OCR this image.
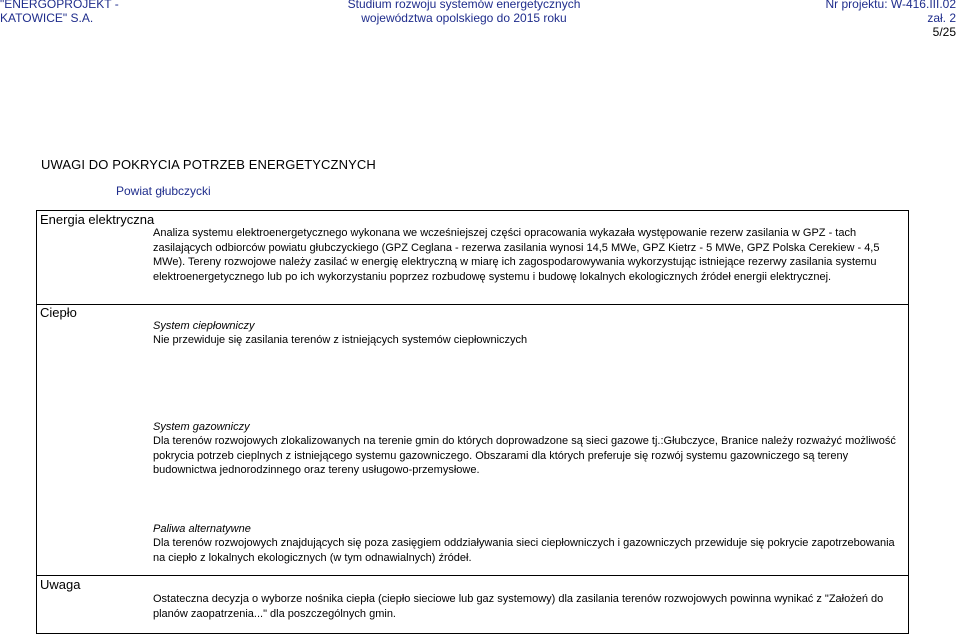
"ENERGOPROJEKT -
KATOWICE" S.A.
Studium rozwoju systemów energetycznych
województwa opolskiego do 2015 roku
Nr projektu: W-416.III.02
zał. 2
5/25
UWAGI DO POKRYCIA POTRZEB ENERGETYCZNYCH
Powiat głubczycki
Energia elektryczna
Analiza systemu elektroenergetycznego wykonana we wcześniejszej części opracowania wykazała występowanie rezerw zasilania w GPZ - tach zasilających odbiorców powiatu głubczyckiego (GPZ Ceglana - rezerwa zasilania wynosi 14,5 MWe, GPZ Kietrz - 5 MWe, GPZ Polska Cerekiew - 4,5 MWe). Tereny rozwojowe należy zasilać w energię elektryczną w miarę ich zagospodarowywania wykorzystując istniejące rezerwy zasilania systemu elektroenergetycznego lub po ich wykorzystaniu poprzez rozbudowę systemu i budowę lokalnych ekologicznych źródeł energii elektrycznej.
Ciepło
System ciepłowniczy
Nie przewiduje się zasilania terenów z istniejących systemów ciepłowniczych
System gazowniczy
Dla terenów rozwojowych zlokalizowanych na terenie gmin do których doprowadzone są sieci gazowe tj.:Głubczyce, Branice należy rozważyć możliwość pokrycia potrzeb cieplnych z istniejącego systemu gazowniczego. Obszarami dla których preferuje się rozwój systemu gazowniczego są tereny budownictwa jednorodzinnego oraz tereny usługowo-przemysłowe.
Paliwa alternatywne
Dla terenów rozwojowych znajdujących się poza zasięgiem oddziaływania sieci ciepłowniczych i gazowniczych przewiduje się pokrycie zapotrzebowania na ciepło z lokalnych ekologicznych (w tym odnawialnych) źródeł.
Uwaga
Ostateczna decyzja o wyborze nośnika ciepła (ciepło sieciowe lub gaz systemowy) dla zasilania terenów rozwojowych powinna wynikać z "Założeń do planów zaopatrzenia..." dla poszczególnych gmin.
